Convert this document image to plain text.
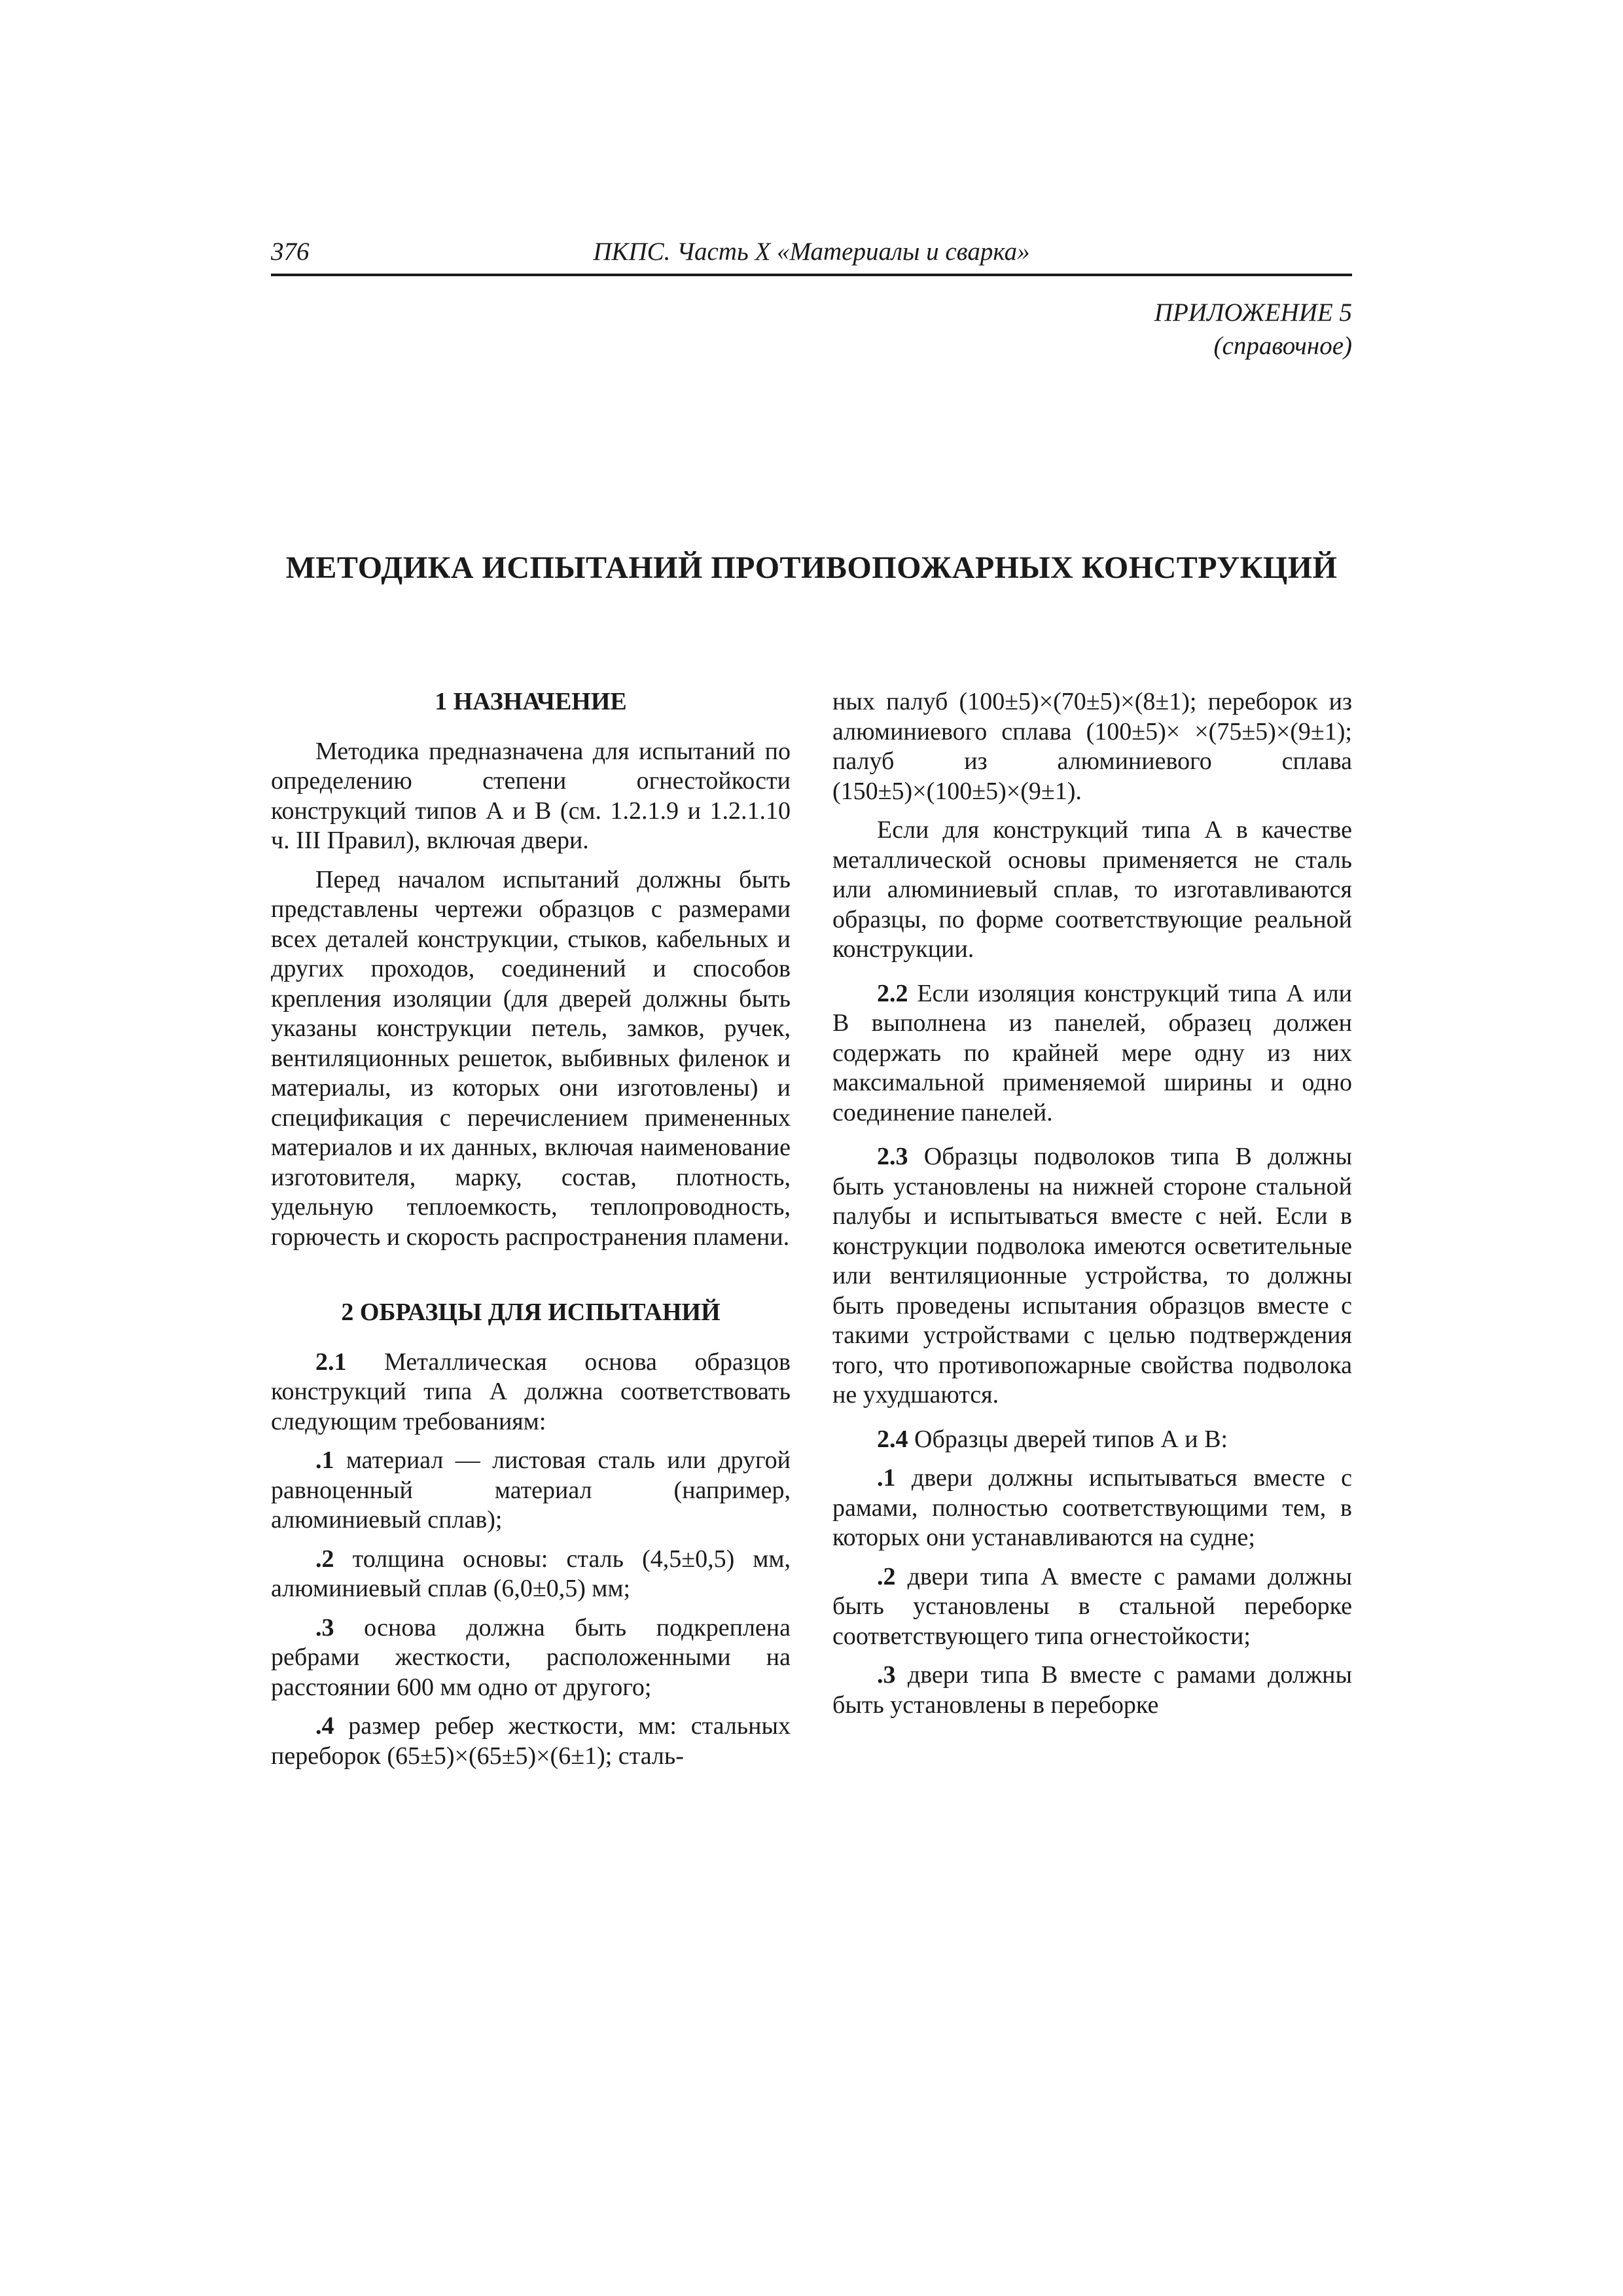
376	ПКПС. Часть X «Материалы и сварка»
ПРИЛОЖЕНИЕ 5
(справочное)
МЕТОДИКА ИСПЫТАНИЙ ПРОТИВОПОЖАРНЫХ КОНСТРУКЦИЙ
1 НАЗНАЧЕНИЕ

Методика предназначена для испытаний по определению степени огнестойкости конструкций типов А и В (см. 1.2.1.9 и 1.2.1.10 ч. III Правил), включая двери.

Перед началом испытаний должны быть представлены чертежи образцов с размерами всех деталей конструкции, стыков, кабельных и других проходов, соединений и способов крепления изоляции (для дверей должны быть указаны конструкции петель, замков, ручек, вентиляционных решеток, выбивных филенок и материалы, из которых они изготовлены) и спецификация с перечислением примененных материалов и их данных, включая наименование изготовителя, марку, состав, плотность, удельную теплоемкость, теплопроводность, горючесть и скорость распространения пламени.

2 ОБРАЗЦЫ ДЛЯ ИСПЫТАНИЙ

2.1 Металлическая основа образцов конструкций типа А должна соответствовать следующим требованиям:

.1 материал — листовая сталь или другой равноценный материал (например, алюминиевый сплав);

.2 толщина основы: сталь (4,5±0,5) мм, алюминиевый сплав (6,0±0,5) мм;

.3 основа должна быть подкреплена ребрами жесткости, расположенными на расстоянии 600 мм одно от другого;

.4 размер ребер жесткости, мм: стальных переборок (65±5)×(65±5)×(6±1); сталь-

ных палуб (100±5)×(70±5)×(8±1); переборок из алюминиевого сплава (100±5)× ×(75±5)×(9±1); палуб из алюминиевого сплава (150±5)×(100±5)×(9±1).

Если для конструкций типа А в качестве металлической основы применяется не сталь или алюминиевый сплав, то изготавливаются образцы, по форме соответствующие реальной конструкции.

2.2 Если изоляция конструкций типа А или В выполнена из панелей, образец должен содержать по крайней мере одну из них максимальной применяемой ширины и одно соединение панелей.

2.3 Образцы подволоков типа В должны быть установлены на нижней стороне стальной палубы и испытываться вместе с ней. Если в конструкции подволока имеются осветительные или вентиляционные устройства, то должны быть проведены испытания образцов вместе с такими устройствами с целью подтверждения того, что противопожарные свойства подволока не ухудшаются.

2.4 Образцы дверей типов А и В:

.1 двери должны испытываться вместе с рамами, полностью соответствующими тем, в которых они устанавливаются на судне;

.2 двери типа А вместе с рамами должны быть установлены в стальной переборке соответствующего типа огнестойкости;

.3 двери типа В вместе с рамами должны быть установлены в переборке
